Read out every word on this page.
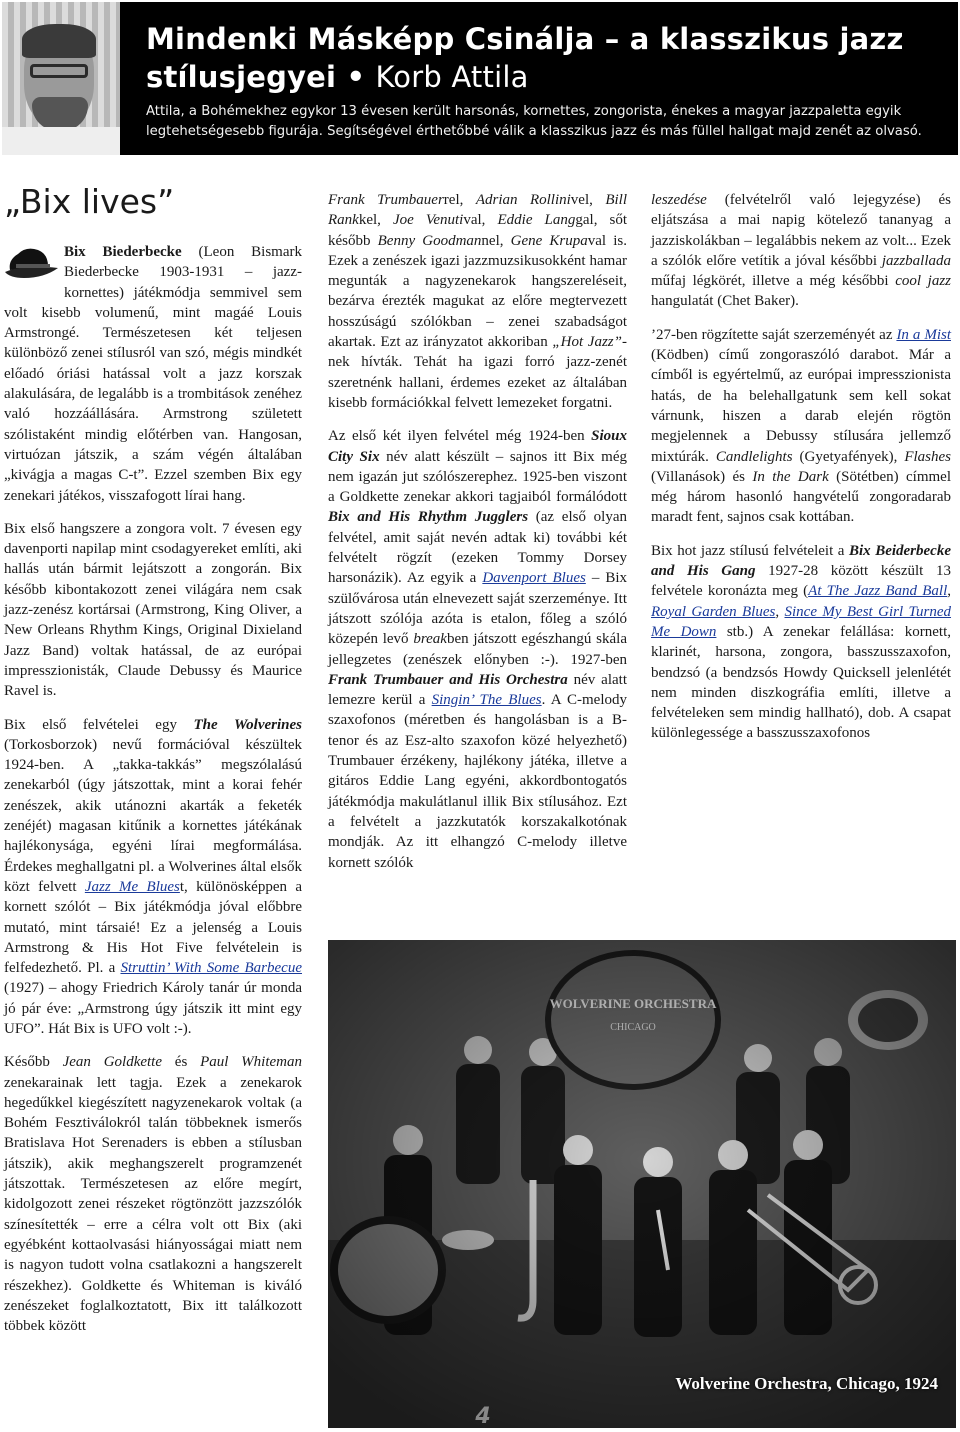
Mindenki Másképp Csinálja – a klasszikus jazz stílusjegyei • Korb Attila
Attila, a Bohémekhez egykor 13 évesen került harsonás, kornettes, zongorista, énekes a magyar jazzpaletta egyik legtehetségesebb figurája. Segítségével érthetőbbé válik a klasszikus jazz és más füllel hallgat majd zenét az olvasó.
„Bix lives”

Bix Biederbecke (Leon Bismark Biederbecke 1903-1931 – jazz-kornettes) játékmódja semmivel sem volt kisebb volumenű, mint magáé Louis Armstrongé. Természetesen két teljesen különböző zenei stílusról van szó, mégis mindkét előadó óriási hatással volt a jazz korszak alakulására, de legalább is a trombitások zenéhez való hozzáállására. Armstrong született szólistaként mindig előtérben van. Hangosan, virtuózan játszik, a szám végén általában „kivágja a magas C-t”. Ezzel szemben Bix egy zenekari játékos, visszafogott lírai hang.

Bix első hangszere a zongora volt. 7 évesen egy davenporti napilap mint csodagyereket említi, aki hallás után bármit lejátszott a zongorán. Bix később kibontakozott zenei világára nem csak jazz-zenész kortársai (Armstrong, King Oliver, a New Orleans Rhythm Kings, Original Dixieland Jazz Band) voltak hatással, de az európai impresszionisták, Claude Debussy és Maurice Ravel is.

Bix első felvételei egy The Wolverines (Torkosborzok) nevű formációval készültek 1924-ben. A „takka-takkás” megszólalású zenekarból (úgy játszottak, mint a korai fehér zenészek, akik utánozni akarták a feketék zenéjét) magasan kitűnik a kornettes játékának hajlékonysága, egyéni lírai megformálása. Érdekes meghallgatni pl. a Wolverines által elsők közt felvett Jazz Me Bluest, különösképpen a kornett szólót – Bix játékmódja jóval előbbre mutató, mint társaié! Ez a jelenség a Louis Armstrong & His Hot Five felvételein is felfedezhető. Pl. a Struttin’ With Some Barbecue (1927) – ahogy Friedrich Károly tanár úr monda jó pár éve: „Armstrong úgy játszik itt mint egy UFO”. Hát Bix is UFO volt :-).

Később Jean Goldkette és Paul Whiteman zenekarainak lett tagja. Ezek a zenekarok hegedűkkel kiegészített nagyzenekarok voltak (a Bohém Fesztiválokról talán többeknek ismerős Bratislava Hot Serenaders is ebben a stílusban játszik), akik meghangszerelt programzenét játszottak. Természetesen az előre megírt, kidolgozott zenei részeket rögtönzött jazzszólók színesítették – erre a célra volt ott Bix (aki egyébként kottaolvasási hiányosságai miatt nem is nagyon tudott volna csatlakozni a hangszerelt részekhez). Goldkette és Whiteman is kiváló zenészeket foglalkoztatott, Bix itt találkozott többek között

Frank Trumbauerrel, Adrian Rollinivel, Bill Rankkel, Joe Venutival, Eddie Langgal, sőt később Benny Goodmannel, Gene Krupaval is. Ezek a zenészek igazi jazzmuzsikusokként hamar megunták a nagyzenekarok hangszereléseit, bezárva érezték magukat az előre megtervezett hosszúságú szólókban – zenei szabadságot akartak. Ezt az irányzatot akkoriban „Hot Jazz”-nek hívták. Tehát ha igazi forró jazz-zenét szeretnénk hallani, érdemes ezeket az általában kisebb formációkkal felvett lemezeket forgatni.

Az első két ilyen felvétel még 1924-ben Sioux City Six név alatt készült – sajnos itt Bix még nem igazán jut szólószerephez. 1925-ben viszont a Goldkette zenekar akkori tagjaiból formálódott Bix and His Rhythm Jugglers (az első olyan felvétel, amit saját nevén adtak ki) további két felvételt rögzít (ezeken Tommy Dorsey harsonázik). Az egyik a Davenport Blues – Bix szülővárosa után elnevezett saját szerzeménye. Itt játszott szólója azóta is etalon, főleg a szóló közepén levő breakben játszott egészhangú skála jellegzetes (zenészek előnyben :-). 1927-ben Frank Trumbauer and His Orchestra név alatt lemezre kerül a Singin’ The Blues. A C-melody szaxofonos (méretben és hangolásban is a B-tenor és az Esz-alto szaxofon közé helyezhető) Trumbauer érzékeny, hajlékony játéka, illetve a gitáros Eddie Lang egyéni, akkordbontogatós játékmódja makulátlanul illik Bix stílusához. Ezt a felvételt a jazzkutatók korszakalkotónak mondják. Az itt elhangzó C-melody illetve kornett szólók

leszedése (felvételről való lejegyzése) és eljátszása a mai napig kötelező tananyag a jazziskolákban – legalábbis nekem az volt... Ezek a szólók előre vetítik a jóval későbbi jazzballada műfaj légkörét, illetve a még későbbi cool jazz hangulatát (Chet Baker).

’27-ben rögzítette saját szerzeményét az In a Mist (Ködben) című zongoraszóló darabot. Már a címből is egyértelmű, az európai impresszionista hatás, de ha belehallgatunk sem kell sokat várnunk, hiszen a darab elején rögtön megjelennek a Debussy stílusára jellemző mixtúrák. Candlelights (Gyetyafények), Flashes (Villanások) és In the Dark (Sötétben) címmel még három hasonló hangvételű zongoradarab maradt fent, sajnos csak kottában.

Bix hot jazz stílusú felvételeit a Bix Beiderbecke and His Gang 1927-28 között készült 13 felvétele koronázta meg (At The Jazz Band Ball, Royal Garden Blues, Since My Best Girl Turned Me Down stb.) A zenekar felállása: kornett, klarinét, harsona, zongora, basszusszaxofon, bendzsó (a bendzsós Howdy Quicksell jelenlétét nem minden diszkográfia említi, illetve a felvételeken sem mindig hallható), dob. A csapat különlegessége a basszusszaxofonos

Wolverine Orchestra, Chicago, 1924
4
